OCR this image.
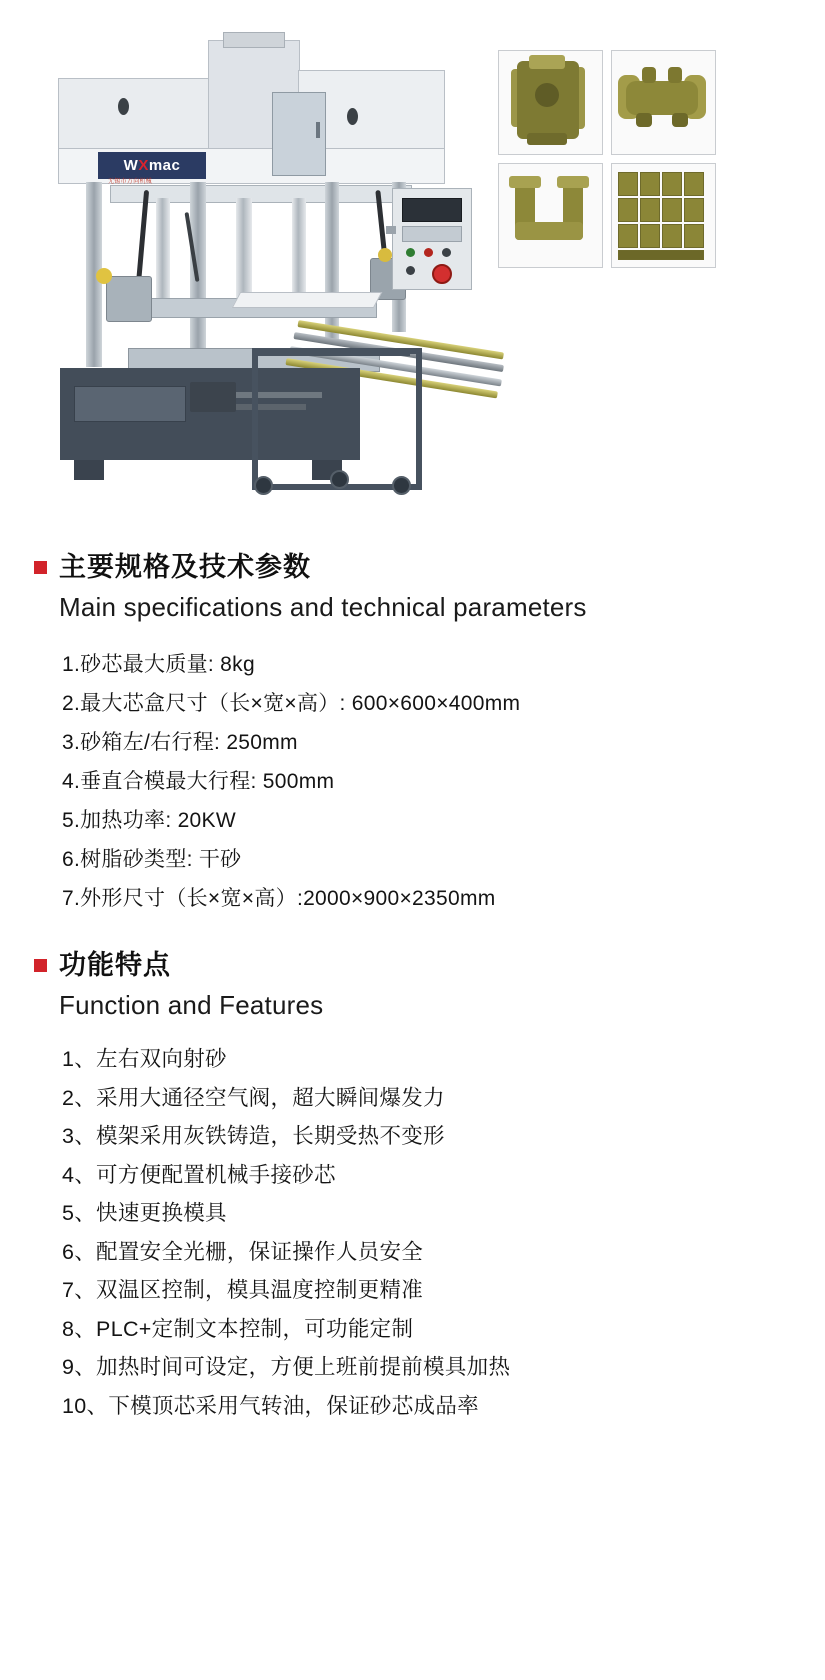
W X mac
无锡市万向机械
主要规格及技术参数
Main specifications and technical parameters
1.砂芯最大质量: 8kg
2.最大芯盒尺寸（长×宽×高）: 600×600×400mm
3.砂箱左/右行程: 250mm
4.垂直合模最大行程: 500mm
5.加热功率: 20KW
6.树脂砂类型: 干砂
7.外形尺寸（长×宽×高）:2000×900×2350mm
功能特点
Function and Features
1、左右双向射砂
2、采用大通径空气阀，超大瞬间爆发力
3、模架采用灰铁铸造，长期受热不变形
4、可方便配置机械手接砂芯
5、快速更换模具
6、配置安全光栅，保证操作人员安全
7、双温区控制，模具温度控制更精准
8、PLC+定制文本控制，可功能定制
9、加热时间可设定，方便上班前提前模具加热
10、下模顶芯采用气转油，保证砂芯成品率
